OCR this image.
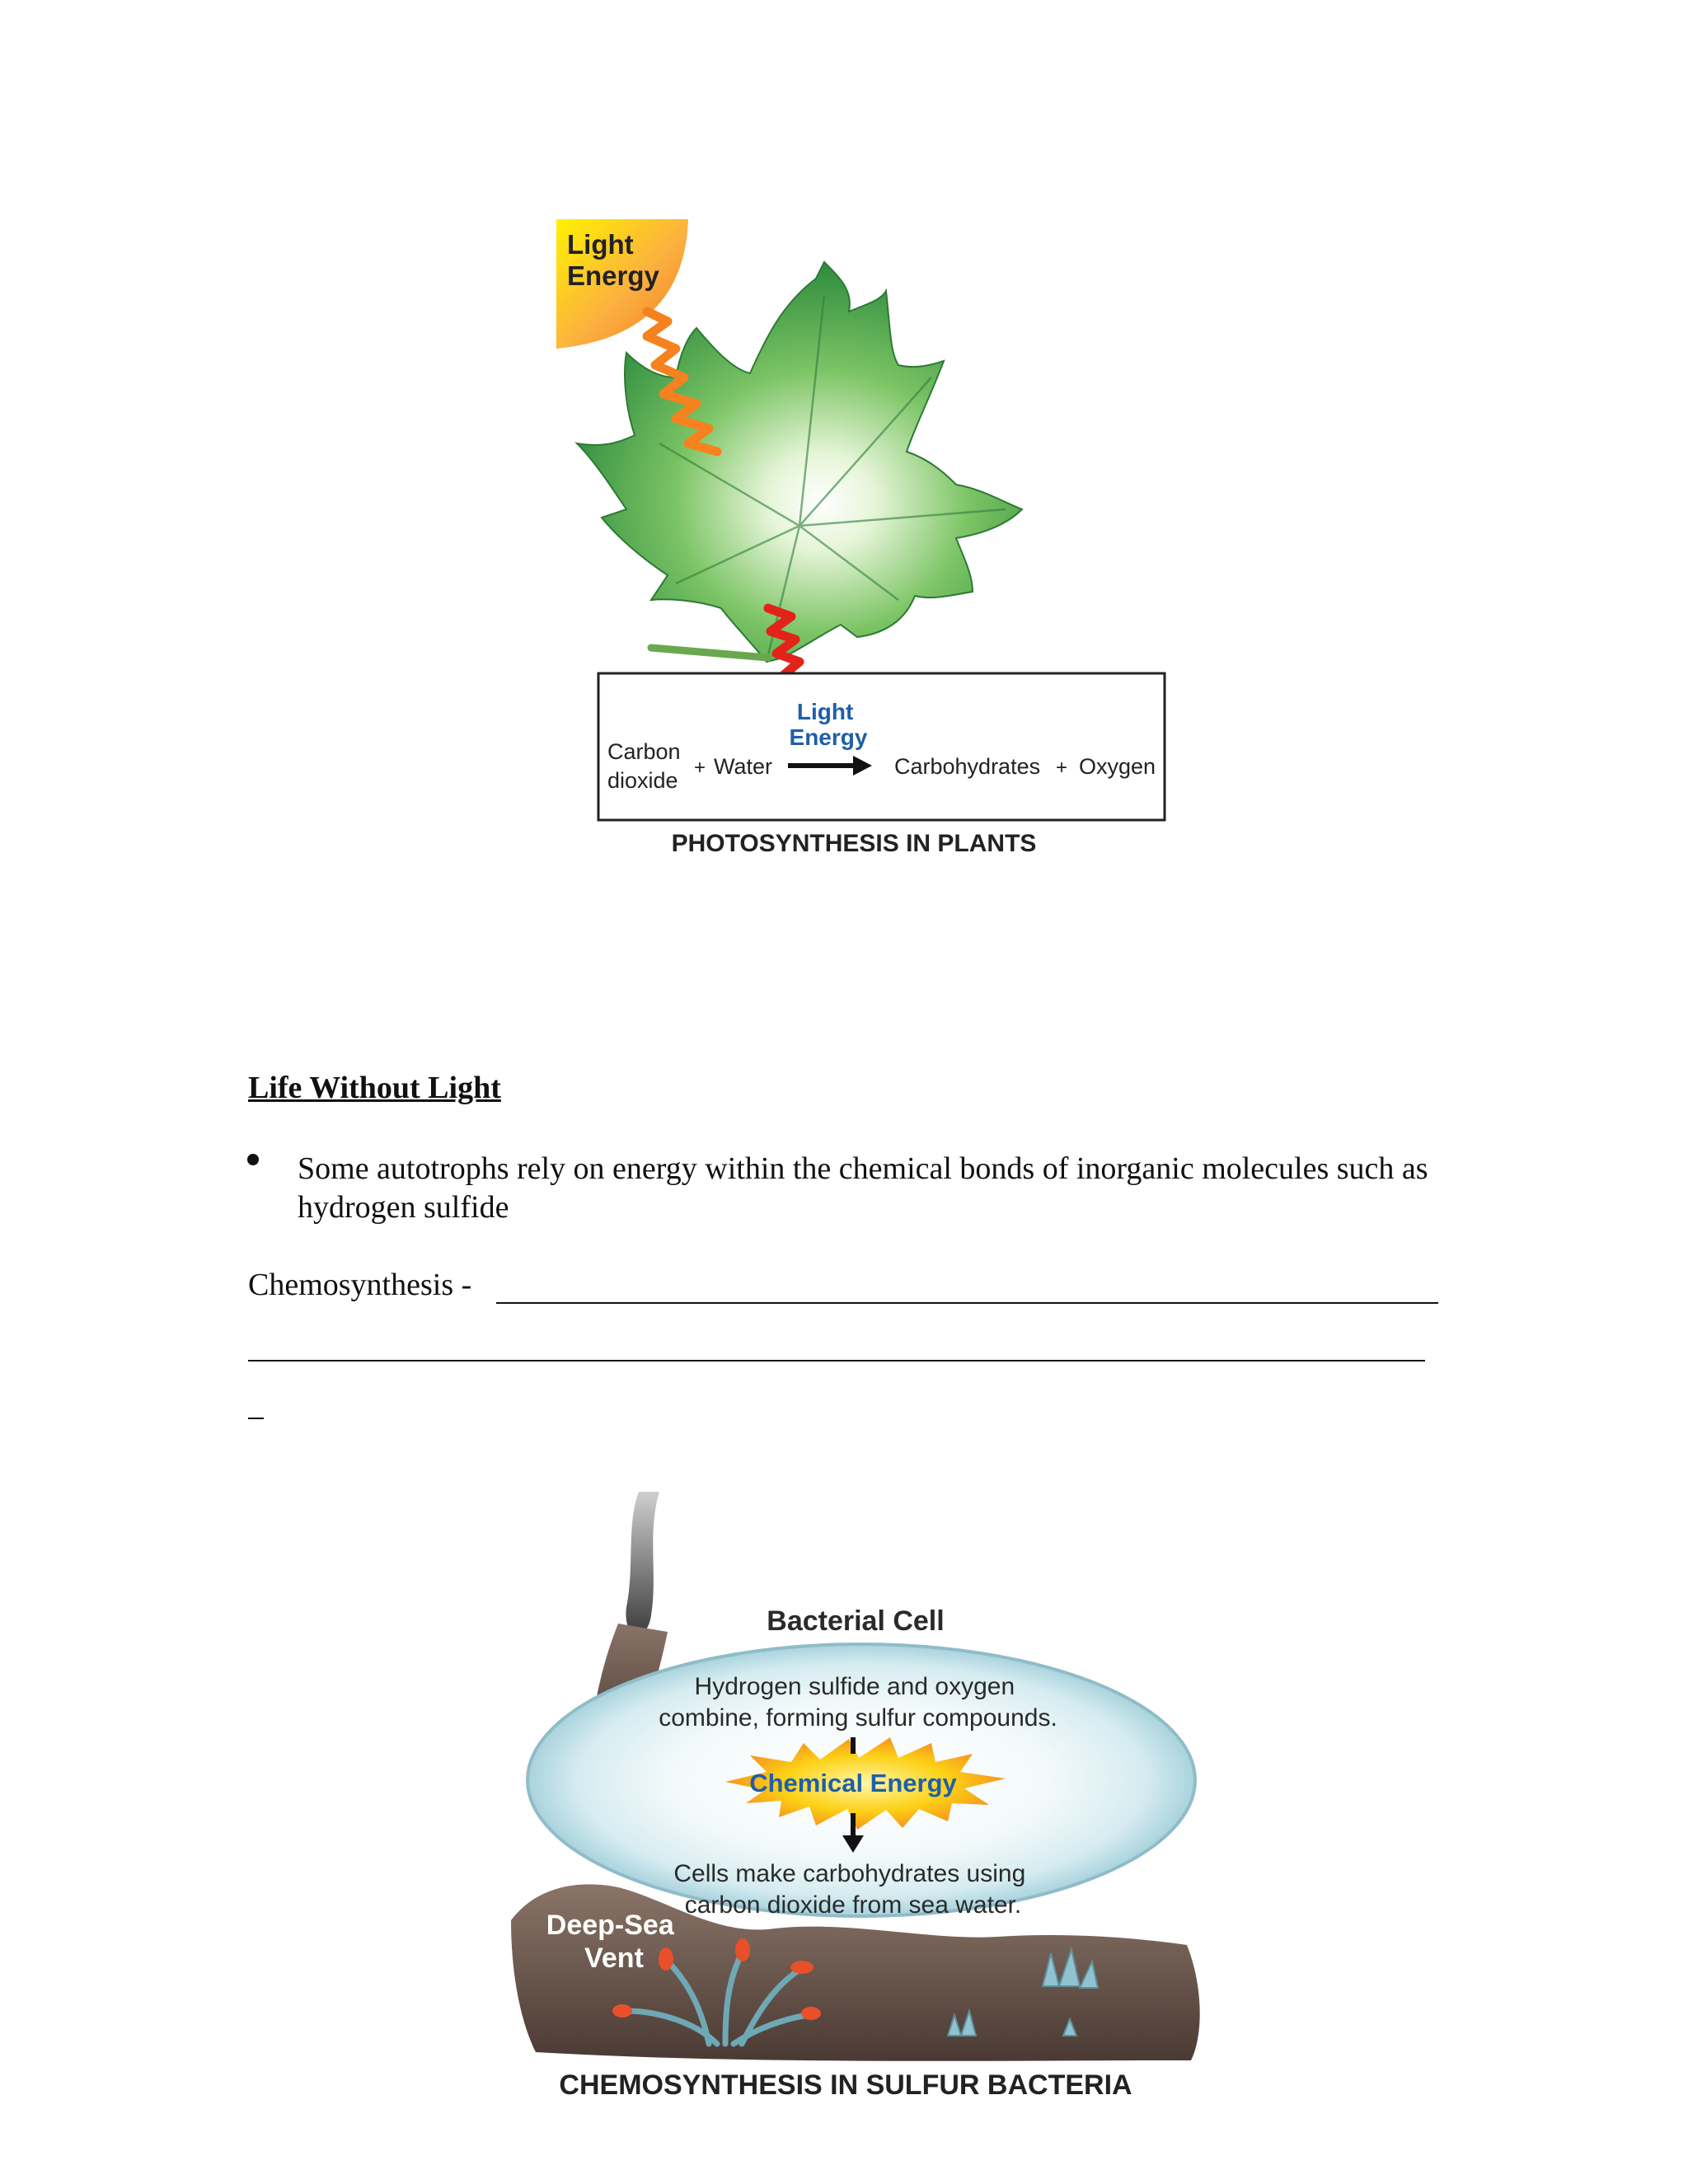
Light Energy
Light Energy
Carbon dioxide
+ Water	Carbohydrates + Oxygen
PHOTOSYNTHESIS IN PLANTS
Life Without Light
Some autotrophs rely on energy within the chemical bonds of inorganic molecules such as hydrogen sulfide
Chemosynthesis -
Bacterial Cell
Hydrogen sulfide and oxygen combine, forming sulfur compounds.
Chemical Energy
Cells make carbohydrates using carbon dioxide from sea water.
Deep-Sea Vent
CHEMOSYNTHESIS IN SULFUR BACTERIA
